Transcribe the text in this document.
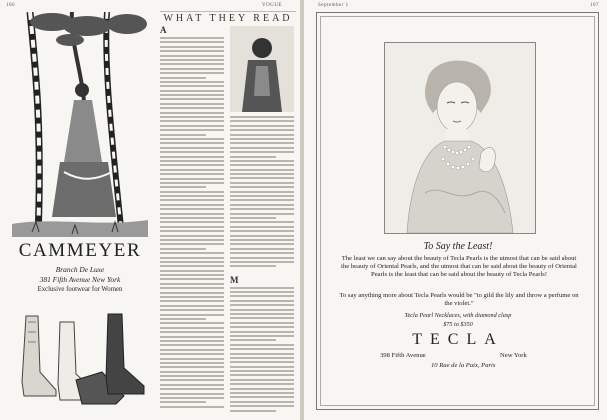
106	VOGUE	September 1	107
CAMMEYER
Branch De Luxe
381 Fifth Avenue New York
Exclusive footwear for Women
WHAT THEY READ
A
M
To Say the Least!
The least we can say about the beauty of Tecla Pearls is the utmost that can be said about the beauty of Oriental Pearls, and the utmost that can be said about the beauty of Oriental Pearls is the least that can be said about the beauty of Tecla Pearls!
To say anything more about Tecla Pearls would be "to gild the lily and throw a perfume on the violet."
Tecla Pearl Necklaces, with diamond clasp
$75 to $350
TECLA
398 Fifth Avenue	New York
10 Rue de la Paix, Paris
